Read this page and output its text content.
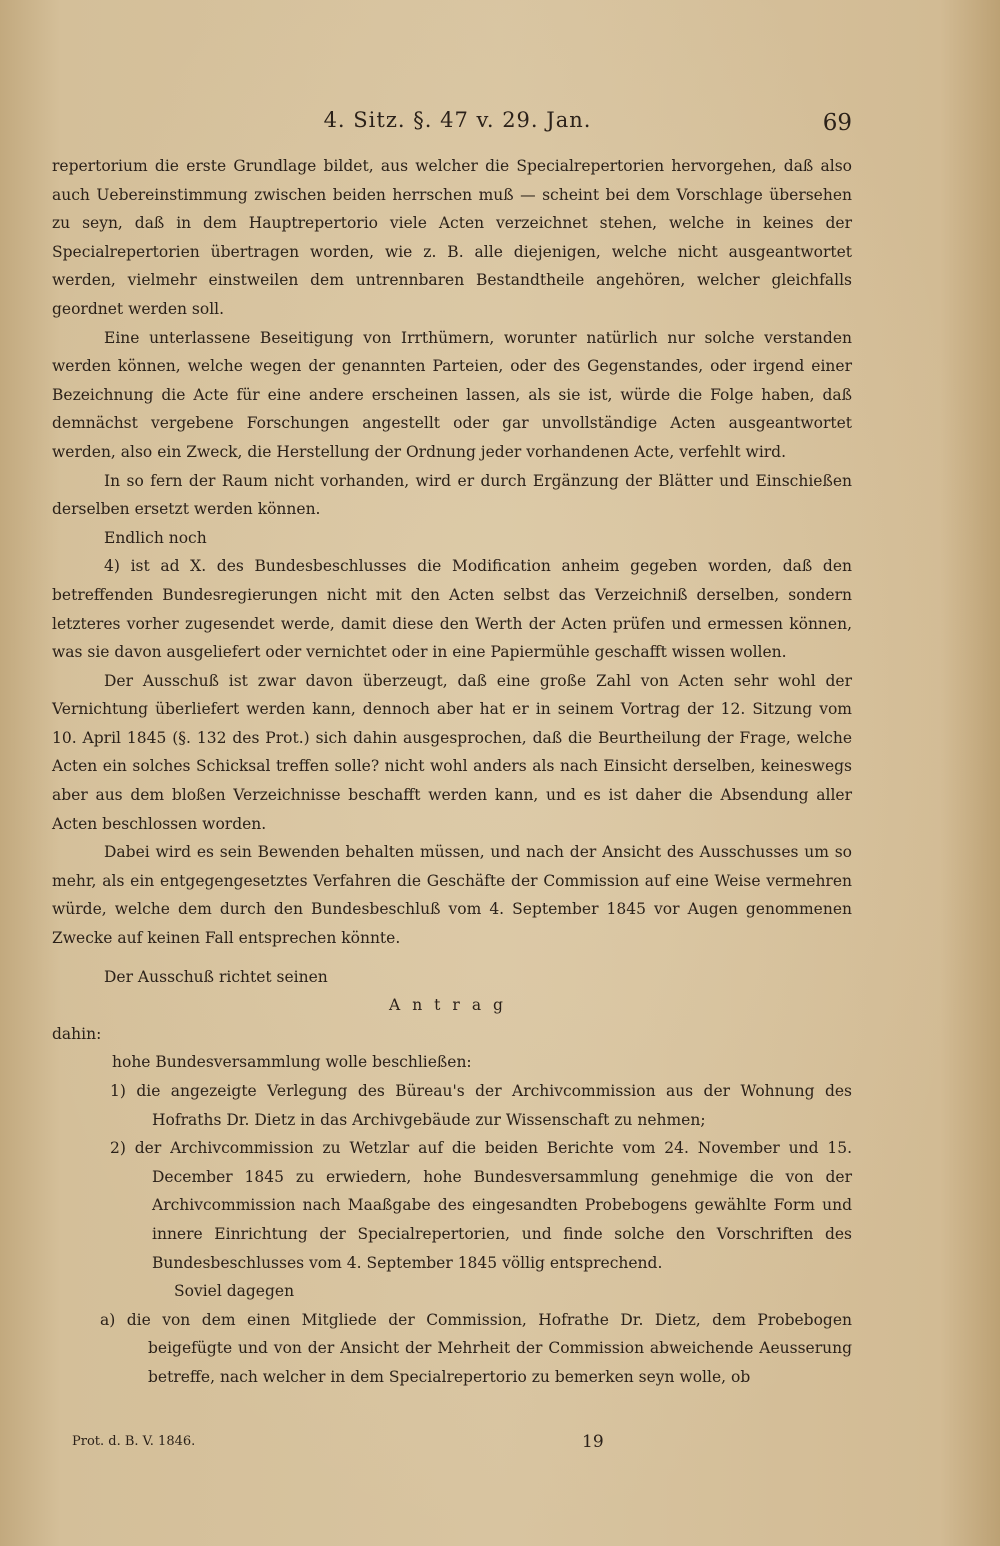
4. Sitz. §. 47 v. 29. Jan.	69

repertorium die erste Grundlage bildet, aus welcher die Specialrepertorien hervorgehen, daß also auch Uebereinstimmung zwischen beiden herrschen muß — scheint bei dem Vorschlage übersehen zu seyn, daß in dem Hauptrepertorio viele Acten verzeichnet stehen, welche in keines der Specialrepertorien übertragen worden, wie z. B. alle diejenigen, welche nicht ausgeantwortet werden, vielmehr einstweilen dem untrennbaren Bestandtheile angehören, welcher gleichfalls geordnet werden soll.

Eine unterlassene Beseitigung von Irrthümern, worunter natürlich nur solche verstanden werden können, welche wegen der genannten Parteien, oder des Gegenstandes, oder irgend einer Bezeichnung die Acte für eine andere erscheinen lassen, als sie ist, würde die Folge haben, daß demnächst vergebene Forschungen angestellt oder gar unvollständige Acten ausgeantwortet werden, also ein Zweck, die Herstellung der Ordnung jeder vorhandenen Acte, verfehlt wird.

In so fern der Raum nicht vorhanden, wird er durch Ergänzung der Blätter und Einschießen derselben ersetzt werden können.

Endlich noch

4) ist ad X. des Bundesbeschlusses die Modification anheim gegeben worden, daß den betreffenden Bundesregierungen nicht mit den Acten selbst das Verzeichniß derselben, sondern letzteres vorher zugesendet werde, damit diese den Werth der Acten prüfen und ermessen können, was sie davon ausgeliefert oder vernichtet oder in eine Papiermühle geschafft wissen wollen.

Der Ausschuß ist zwar davon überzeugt, daß eine große Zahl von Acten sehr wohl der Vernichtung überliefert werden kann, dennoch aber hat er in seinem Vortrag der 12. Sitzung vom 10. April 1845 (§. 132 des Prot.) sich dahin ausgesprochen, daß die Beurtheilung der Frage, welche Acten ein solches Schicksal treffen solle? nicht wohl anders als nach Einsicht derselben, keineswegs aber aus dem bloßen Verzeichnisse beschafft werden kann, und es ist daher die Absendung aller Acten beschlossen worden.

Dabei wird es sein Bewenden behalten müssen, und nach der Ansicht des Ausschusses um so mehr, als ein entgegengesetztes Verfahren die Geschäfte der Commission auf eine Weise vermehren würde, welche dem durch den Bundesbeschluß vom 4. September 1845 vor Augen genommenen Zwecke auf keinen Fall entsprechen könnte.

Der Ausschuß richtet seinen

Antrag

dahin:

hohe Bundesversammlung wolle beschließen:

1) die angezeigte Verlegung des Büreau's der Archivcommission aus der Wohnung des Hofraths Dr. Dietz in das Archivgebäude zur Wissenschaft zu nehmen;

2) der Archivcommission zu Wetzlar auf die beiden Berichte vom 24. November und 15. December 1845 zu erwiedern, hohe Bundesversammlung genehmige die von der Archivcommission nach Maaßgabe des eingesandten Probebogens gewählte Form und innere Einrichtung der Specialrepertorien, und finde solche den Vorschriften des Bundesbeschlusses vom 4. September 1845 völlig entsprechend.

Soviel dagegen

a) die von dem einen Mitgliede der Commission, Hofrathe Dr. Dietz, dem Probebogen beigefügte und von der Ansicht der Mehrheit der Commission abweichende Aeusserung betreffe, nach welcher in dem Specialrepertorio zu bemerken seyn wolle, ob

Prot. d. B. V. 1846.	19
